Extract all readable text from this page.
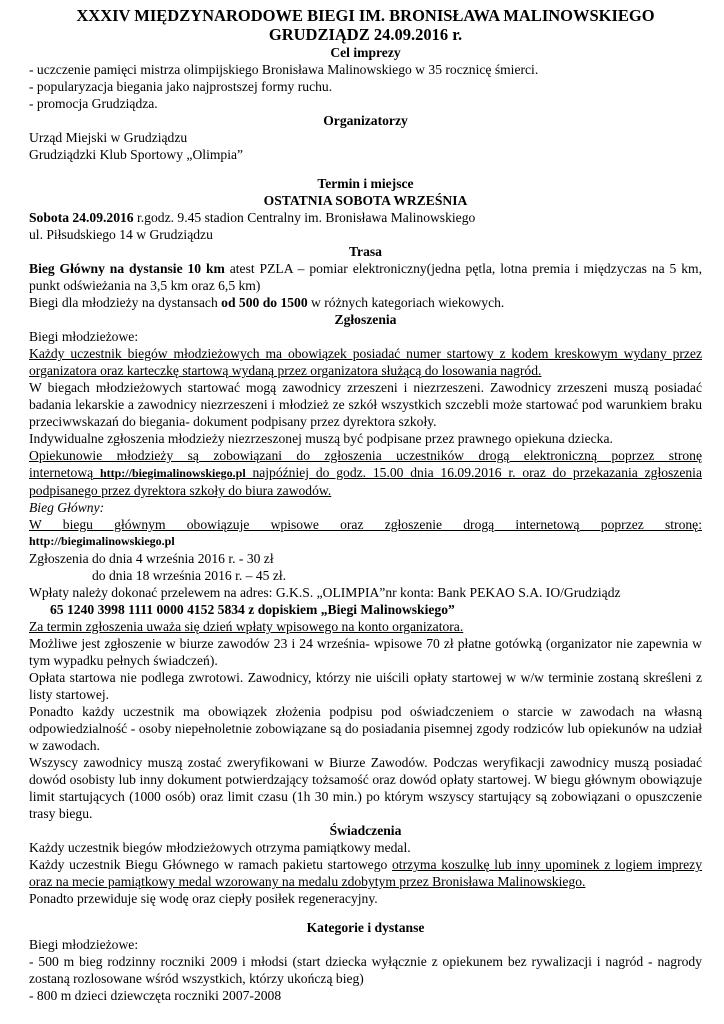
XXXIV MIĘDZYNARODOWE BIEGI IM. BRONISŁAWA MALINOWSKIEGO
GRUDZIĄDZ 24.09.2016 r.
Cel imprezy

- uczczenie pamięci mistrza olimpijskiego Bronisława Malinowskiego w 35 rocznicę śmierci.

- popularyzacja biegania jako najprostszej formy ruchu.

- promocja Grudziądza.

Organizatorzy

Urząd Miejski w Grudziądzu

Grudziądzki Klub Sportowy „Olimpia”

Termin i miejsce
OSTATNIA SOBOTA WRZEŚNIA

Sobota 24.09.2016 r.godz. 9.45 stadion Centralny im. Bronisława Malinowskiego

ul. Piłsudskiego 14 w Grudziądzu

Trasa

Bieg Główny na dystansie 10 km atest PZLA – pomiar elektroniczny(jedna pętla, lotna premia i międzyczas na 5 km, punkt odświeżania na 3,5 km oraz 6,5 km)

Biegi dla młodzieży na dystansach od 500 do 1500 w różnych kategoriach wiekowych.

Zgłoszenia

Biegi młodzieżowe:

Każdy uczestnik biegów młodzieżowych ma obowiązek posiadać numer startowy z kodem kreskowym wydany przez organizatora oraz karteczkę startową wydaną przez organizatora służącą do losowania nagród.

W biegach młodzieżowych startować mogą zawodnicy zrzeszeni i niezrzeszeni. Zawodnicy zrzeszeni muszą posiadać badania lekarskie a zawodnicy niezrzeszeni i młodzież ze szkół wszystkich szczebli może startować pod warunkiem braku przeciwwskazań do biegania- dokument podpisany przez dyrektora szkoły.

Indywidualne zgłoszenia młodzieży niezrzeszonej muszą być podpisane przez prawnego opiekuna dziecka.

Opiekunowie młodzieży są zobowiązani do zgłoszenia uczestników drogą elektroniczną poprzez stronę

internetową http://biegimalinowskiego.pl najpóźniej do godz. 15.00 dnia 16.09.2016 r. oraz do przekazania zgłoszenia podpisanego przez dyrektora szkoły do biura zawodów.

Bieg Główny:

W biegu głównym obowiązuje wpisowe oraz zgłoszenie drogą internetową poprzez stronę:

http://biegimalinowskiego.pl

Zgłoszenia do dnia 4 września 2016 r. - 30 zł

do dnia 18 września 2016 r. – 45 zł.

Wpłaty należy dokonać przelewem na adres: G.K.S. „OLIMPIA”nr konta: Bank PEKAO S.A. IO/Grudziądz

65 1240 3998 1111 0000 4152 5834 z dopiskiem „Biegi Malinowskiego”

Za termin zgłoszenia uważa się dzień wpłaty wpisowego na konto organizatora.

Możliwe jest zgłoszenie w biurze zawodów 23 i 24 września- wpisowe 70 zł płatne gotówką (organizator nie zapewnia w tym wypadku pełnych świadczeń).

Opłata startowa nie podlega zwrotowi. Zawodnicy, którzy nie uiścili opłaty startowej w w/w terminie zostaną skreśleni z listy startowej.

Ponadto każdy uczestnik ma obowiązek złożenia podpisu pod oświadczeniem o starcie w zawodach na własną odpowiedzialność - osoby niepełnoletnie zobowiązane są do posiadania pisemnej zgody rodziców lub opiekunów na udział w zawodach.

Wszyscy zawodnicy muszą zostać zweryfikowani w Biurze Zawodów. Podczas weryfikacji zawodnicy muszą posiadać dowód osobisty lub inny dokument potwierdzający tożsamość oraz dowód opłaty startowej. W biegu głównym obowiązuje limit startujących (1000 osób) oraz limit czasu (1h 30 min.) po którym wszyscy startujący są zobowiązani o opuszczenie trasy biegu.

Świadczenia

Każdy uczestnik biegów młodzieżowych otrzyma pamiątkowy medal.

Każdy uczestnik Biegu Głównego w ramach pakietu startowego otrzyma koszulkę lub inny upominek z logiem imprezy oraz na mecie pamiątkowy medal wzorowany na medalu zdobytym przez Bronisława Malinowskiego.

Ponadto przewiduje się wodę oraz ciepły posiłek regeneracyjny.

Kategorie i dystanse

Biegi młodzieżowe:

- 500 m bieg rodzinny roczniki 2009 i młodsi (start dziecka wyłącznie z opiekunem bez rywalizacji i nagród - nagrody zostaną rozlosowane wśród wszystkich, którzy ukończą bieg)

- 800 m dzieci dziewczęta roczniki 2007-2008
